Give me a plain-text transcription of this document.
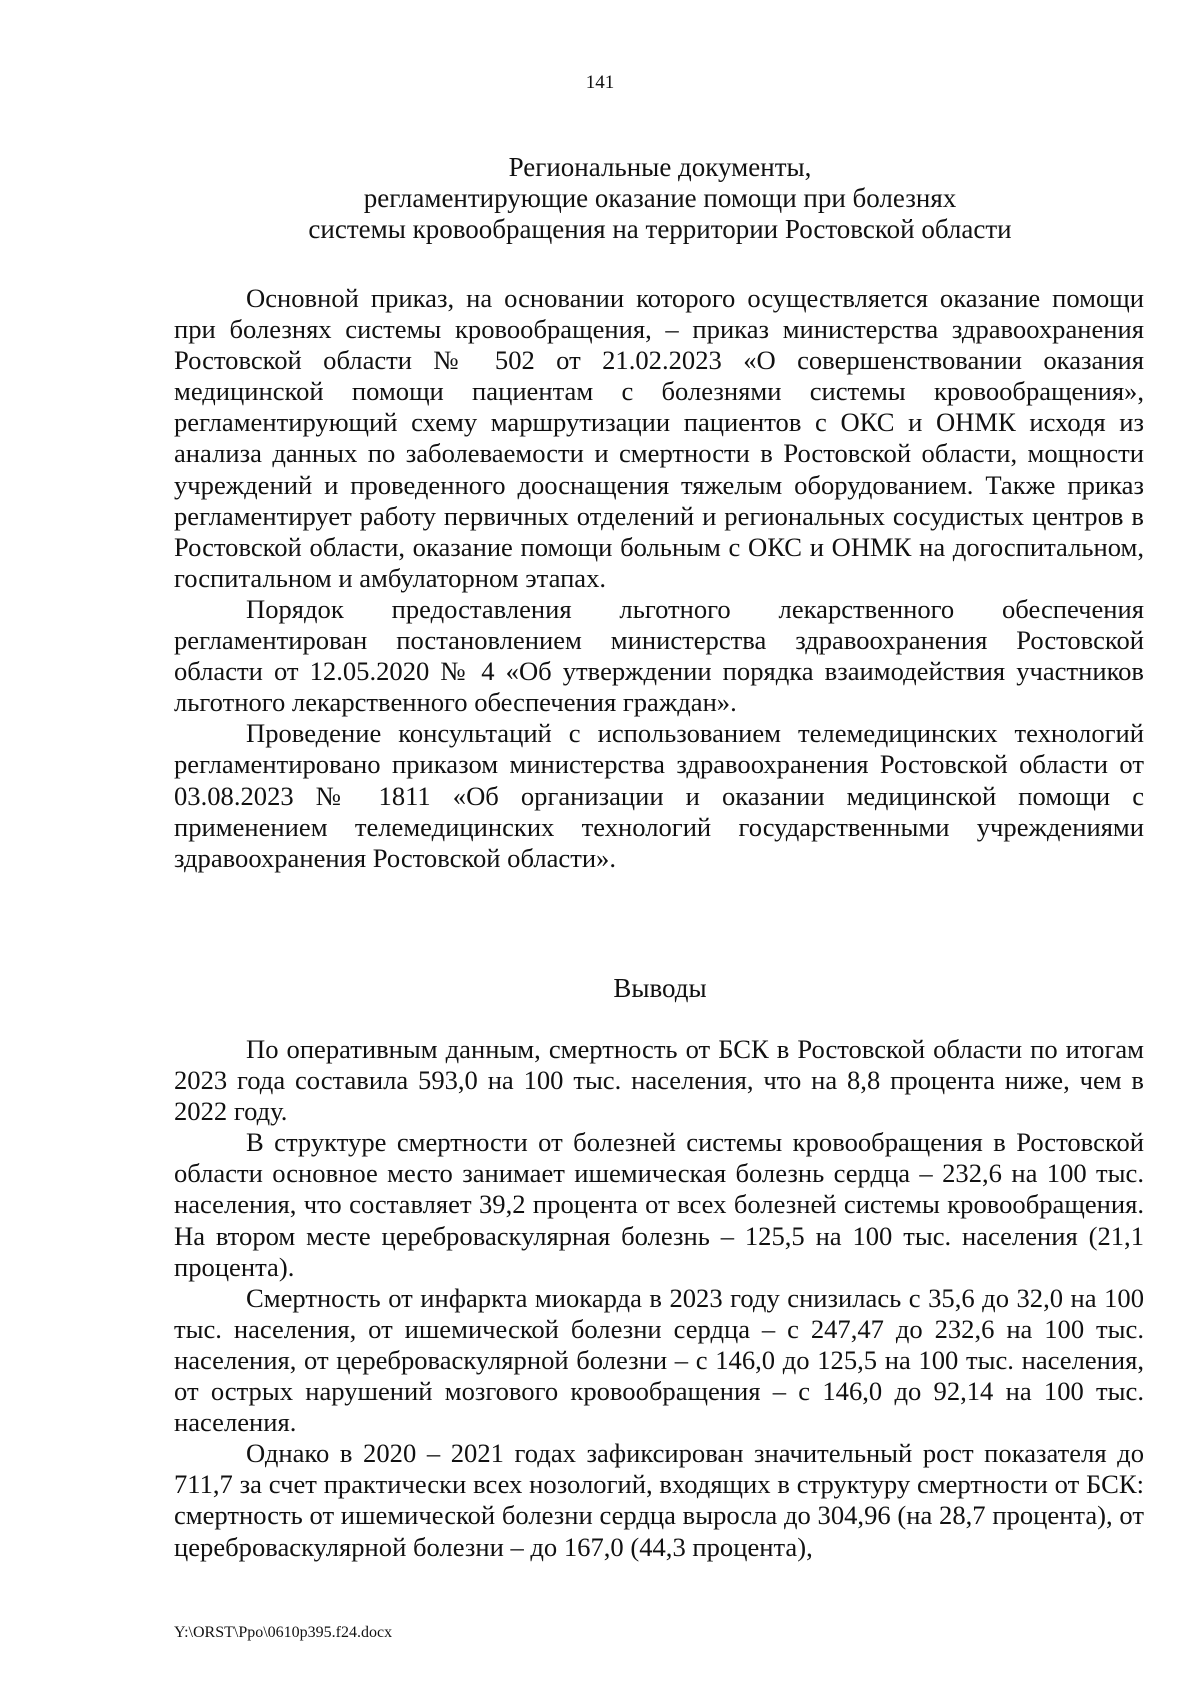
141
Региональные документы,
регламентирующие оказание помощи при болезнях
системы кровообращения на территории Ростовской области

Основной приказ, на основании которого осуществляется оказание помощи при болезнях системы кровообращения, – приказ министерства здравоохранения Ростовской области № 502 от 21.02.2023 «О совершенствовании оказания медицинской помощи пациентам с болезнями системы кровообращения», регламентирующий схему маршрутизации пациентов с ОКС и ОНМК исходя из анализа данных по заболеваемости и смертности в Ростовской области, мощности учреждений и проведенного дооснащения тяжелым оборудованием. Также приказ регламентирует работу первичных отделений и региональных сосудистых центров в Ростовской области, оказание помощи больным с ОКС и ОНМК на догоспитальном, госпитальном и амбулаторном этапах.

Порядок предоставления льготного лекарственного обеспечения регламентирован постановлением министерства здравоохранения Ростовской области от 12.05.2020 № 4 «Об утверждении порядка взаимодействия участников льготного лекарственного обеспечения граждан».

Проведение консультаций с использованием телемедицинских технологий регламентировано приказом министерства здравоохранения Ростовской области от 03.08.2023 № 1811 «Об организации и оказании медицинской помощи с применением телемедицинских технологий государственными учреждениями здравоохранения Ростовской области».

Выводы

По оперативным данным, смертность от БСК в Ростовской области по итогам 2023 года составила 593,0 на 100 тыс. населения, что на 8,8 процента ниже, чем в 2022 году.

В структуре смертности от болезней системы кровообращения в Ростовской области основное место занимает ишемическая болезнь сердца – 232,6 на 100 тыс. населения, что составляет 39,2 процента от всех болезней системы кровообращения. На втором месте цереброваскулярная болезнь – 125,5 на 100 тыс. населения (21,1 процента).

Смертность от инфаркта миокарда в 2023 году снизилась с 35,6 до 32,0 на 100 тыс. населения, от ишемической болезни сердца – с 247,47 до 232,6 на 100 тыс. населения, от цереброваскулярной болезни – с 146,0 до 125,5 на 100 тыс. населения, от острых нарушений мозгового кровообращения – с 146,0 до 92,14 на 100 тыс. населения.

Однако в 2020 – 2021 годах зафиксирован значительный рост показателя до 711,7 за счет практически всех нозологий, входящих в структуру смертности от БСК: смертность от ишемической болезни сердца выросла до 304,96 (на 28,7 процента), от цереброваскулярной болезни – до 167,0 (44,3 процента),

Y:\ORST\Ppo\0610p395.f24.docx
